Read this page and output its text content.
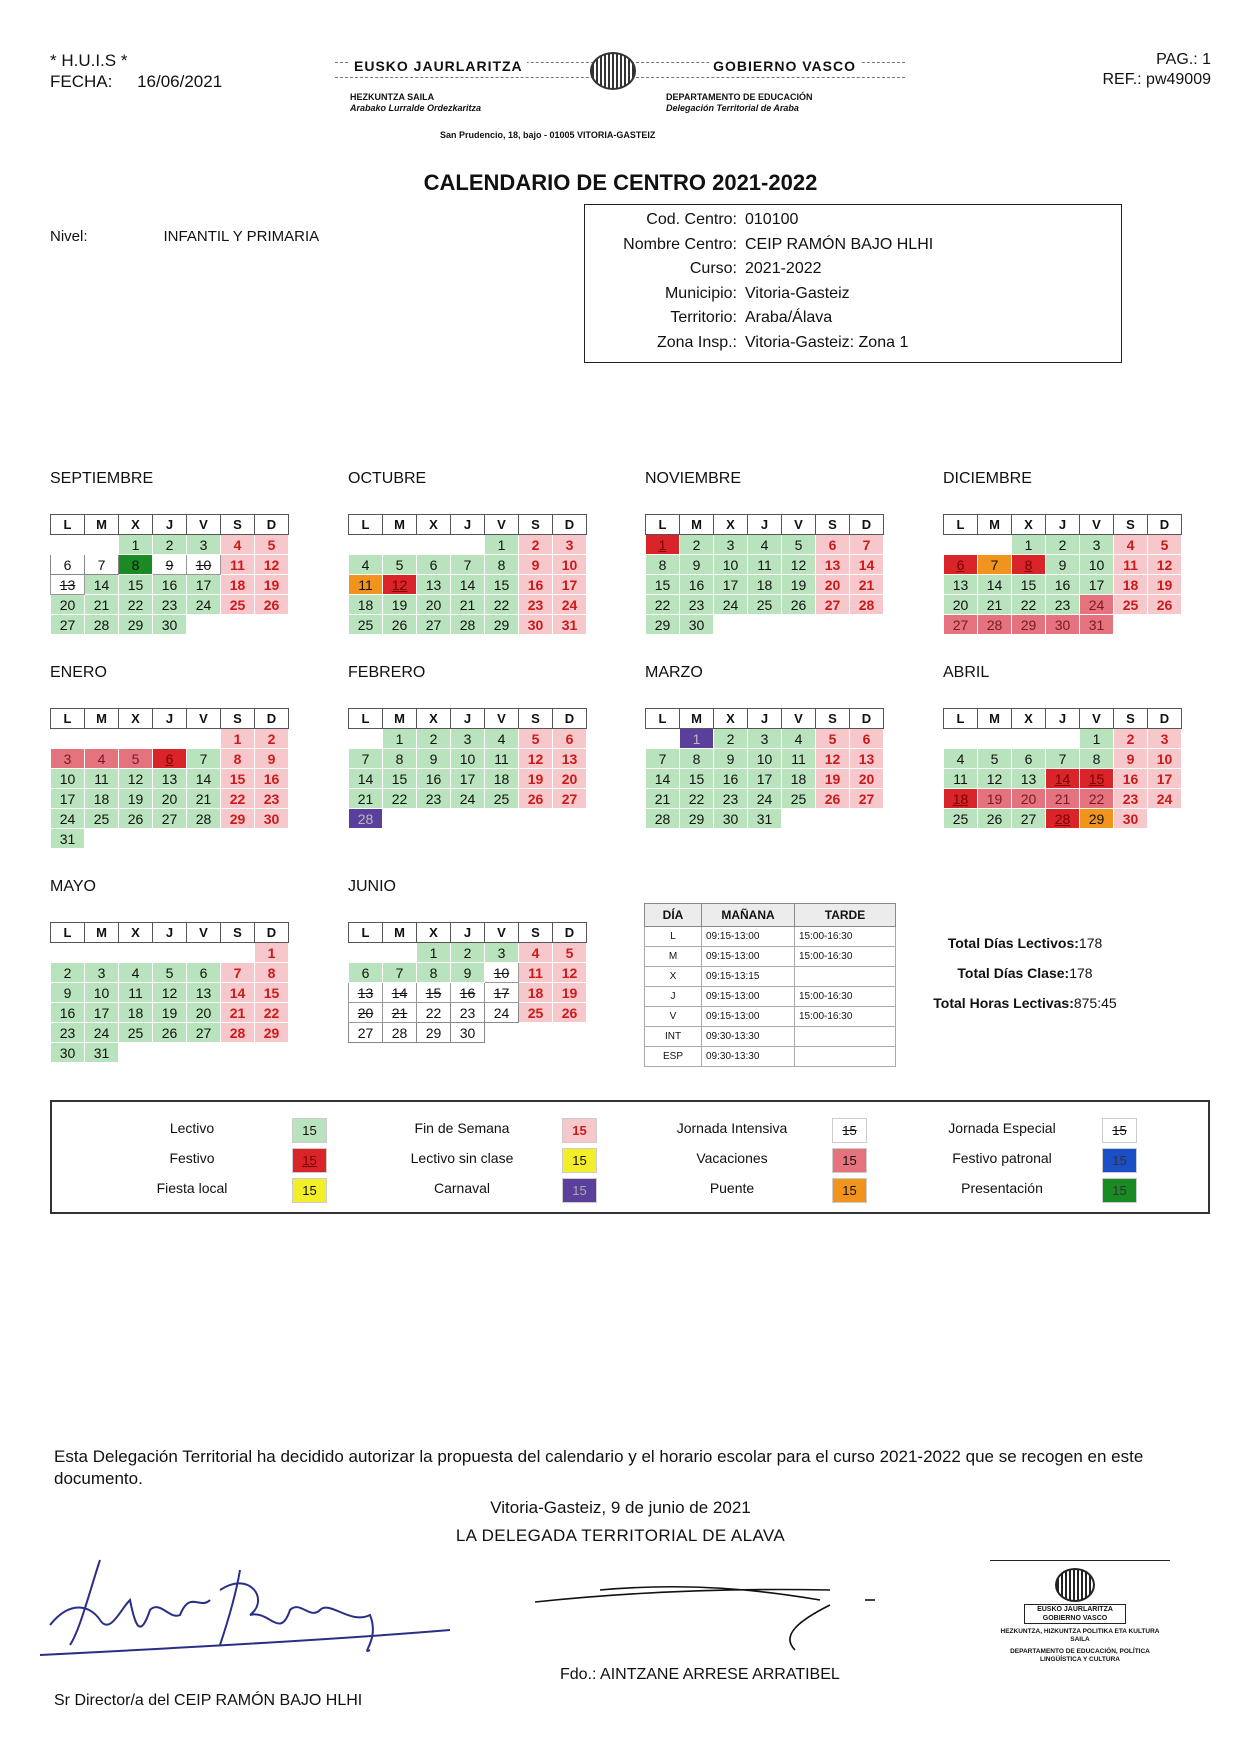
* H.U.I.S *
FECHA: 16/06/2021
PAG.: 1
REF.: pw49009
EUSKO JAURLARITZA	GOBIERNO VASCO
HEZKUNTZA SAILA
Arabako Lurralde Ordezkaritza
DEPARTAMENTO DE EDUCACIÓN
Delegación Territorial de Araba
San Prudencio, 18, bajo - 01005 VITORIA-GASTEIZ
CALENDARIO DE CENTRO 2021-2022
Nivel:	INFANTIL Y PRIMARIA
Cod. Centro: 010100
Nombre Centro: CEIP RAMÓN BAJO HLHI
Curso: 2021-2022
Municipio: Vitoria-Gasteiz
Territorio: Araba/Álava
Zona Insp.: Vitoria-Gasteiz: Zona 1
SEPTIEMBRE
L	M	X	J	V	S	D
		1	2	3	4	5
6	7	8	9	10	11	12
13	14	15	16	17	18	19
20	21	22	23	24	25	26
27	28	29	30			
OCTUBRE
L	M	X	J	V	S	D
				1	2	3
4	5	6	7	8	9	10
11	12	13	14	15	16	17
18	19	20	21	22	23	24
25	26	27	28	29	30	31
NOVIEMBRE
L	M	X	J	V	S	D
1	2	3	4	5	6	7
8	9	10	11	12	13	14
15	16	17	18	19	20	21
22	23	24	25	26	27	28
29	30					
DICIEMBRE
L	M	X	J	V	S	D
		1	2	3	4	5
6	7	8	9	10	11	12
13	14	15	16	17	18	19
20	21	22	23	24	25	26
27	28	29	30	31		
ENERO
L	M	X	J	V	S	D
					1	2
3	4	5	6	7	8	9
10	11	12	13	14	15	16
17	18	19	20	21	22	23
24	25	26	27	28	29	30
31						
FEBRERO
L	M	X	J	V	S	D
	1	2	3	4	5	6
7	8	9	10	11	12	13
14	15	16	17	18	19	20
21	22	23	24	25	26	27
28						
MARZO
L	M	X	J	V	S	D
	1	2	3	4	5	6
7	8	9	10	11	12	13
14	15	16	17	18	19	20
21	22	23	24	25	26	27
28	29	30	31			
ABRIL
L	M	X	J	V	S	D
				1	2	3
4	5	6	7	8	9	10
11	12	13	14	15	16	17
18	19	20	21	22	23	24
25	26	27	28	29	30	
MAYO
L	M	X	J	V	S	D
						1
2	3	4	5	6	7	8
9	10	11	12	13	14	15
16	17	18	19	20	21	22
23	24	25	26	27	28	29
30	31					
JUNIO
L	M	X	J	V	S	D
		1	2	3	4	5
6	7	8	9	10	11	12
13	14	15	16	17	18	19
20	21	22	23	24	25	26
27	28	29	30			
DÍA	MAÑANA	TARDE
L	09:15-13:00	15:00-16:30
M	09:15-13:00	15:00-16:30
X	09:15-13:15	
J	09:15-13:00	15:00-16:30
V	09:15-13:00	15:00-16:30
INT	09:30-13:30	
ESP	09:30-13:30	
Total Días Lectivos:178
Total Días Clase:178
Total Horas Lectivas:875:45
Lectivo	15	Fin de Semana	15	Jornada Intensiva	15	Jornada Especial	15
Festivo	15	Lectivo sin clase	15	Vacaciones	15	Festivo patronal	15
Fiesta local	15	Carnaval	15	Puente	15	Presentación	15
Esta Delegación Territorial ha decidido autorizar la propuesta del calendario y el horario escolar para el curso 2021-2022 que se recogen en este documento.
Vitoria-Gasteiz, 9 de junio de 2021
LA DELEGADA TERRITORIAL DE ALAVA
EUSKO JAURLARITZA
GOBIERNO VASCO
HEZKUNTZA, HIZKUNTZA POLITIKA ETA KULTURA SAILA
DEPARTAMENTO DE EDUCACIÓN, POLÍTICA LINGÜÍSTICA Y CULTURA
Fdo.: AINTZANE ARRESE ARRATIBEL
Sr Director/a del CEIP RAMÓN BAJO HLHI
